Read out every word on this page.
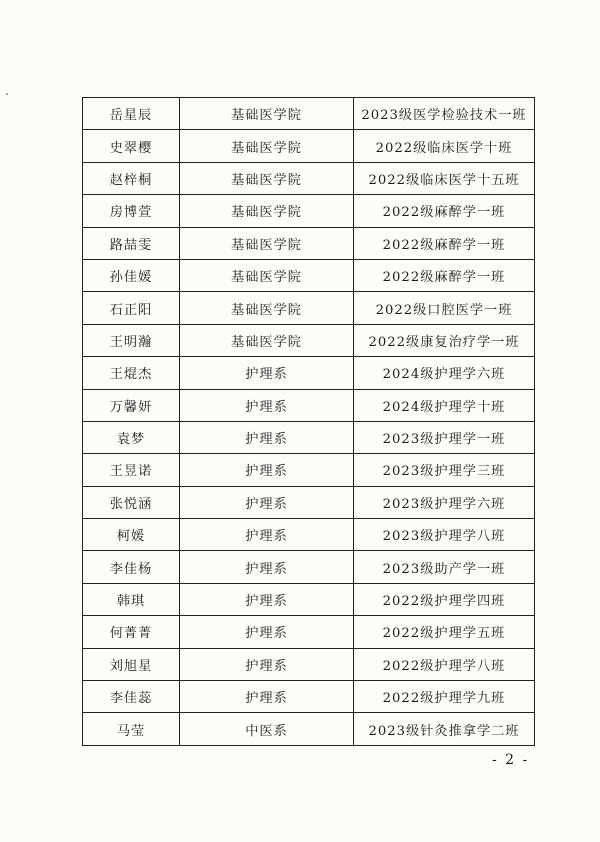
岳星辰	基础医学院	2023级医学检验技术一班
史翠樱	基础医学院	2022级临床医学十班
赵梓桐	基础医学院	2022级临床医学十五班
房博萱	基础医学院	2022级麻醉学一班
路喆雯	基础医学院	2022级麻醉学一班
孙佳媛	基础医学院	2022级麻醉学一班
石正阳	基础医学院	2022级口腔医学一班
王明瀚	基础医学院	2022级康复治疗学一班
王焜杰	护理系	2024级护理学六班
万馨妍	护理系	2024级护理学十班
袁梦	护理系	2023级护理学一班
王昱诺	护理系	2023级护理学三班
张悦涵	护理系	2023级护理学六班
柯媛	护理系	2023级护理学八班
李佳杨	护理系	2023级助产学一班
韩琪	护理系	2022级护理学四班
何菁菁	护理系	2022级护理学五班
刘旭星	护理系	2022级护理学八班
李佳蕊	护理系	2022级护理学九班
马莹	中医系	2023级针灸推拿学二班
- 2 -
